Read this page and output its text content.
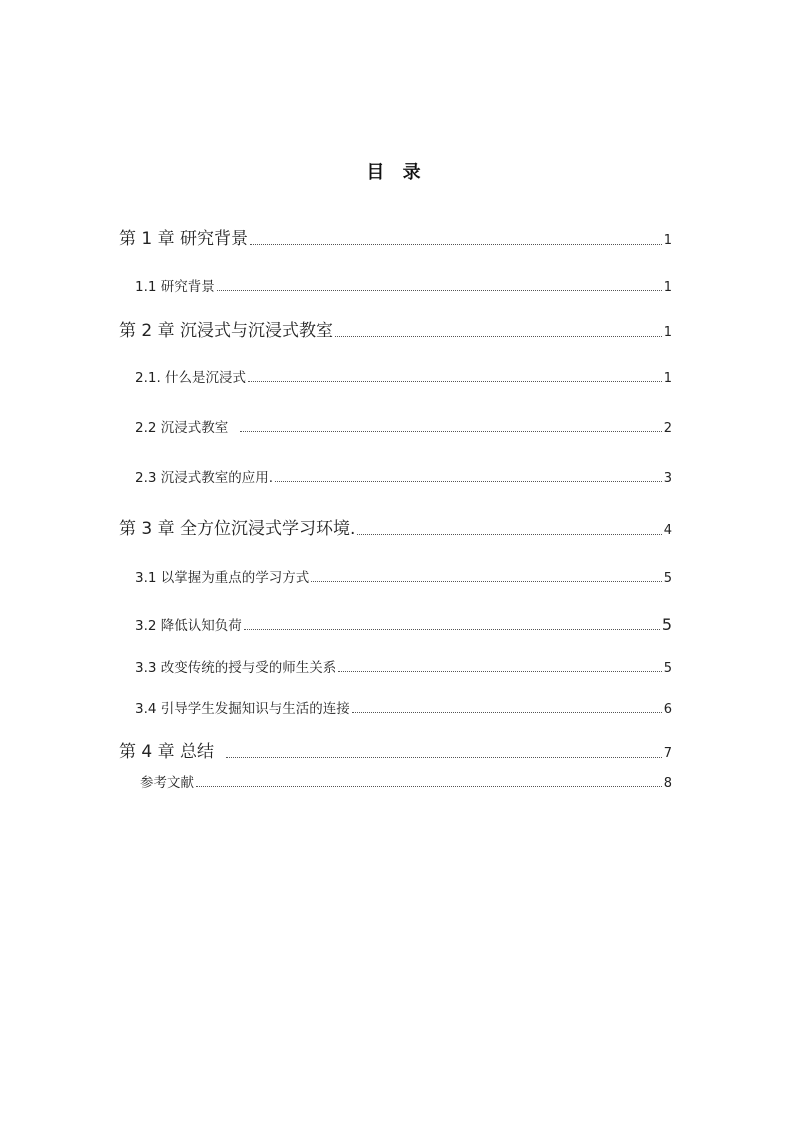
目 录
第 1 章 研究背景	1
1.1 研究背景	1
第 2 章 沉浸式与沉浸式教室	1
2.1. 什么是沉浸式	1
2.2 沉浸式教室	2
2.3 沉浸式教室的应用.	3
第 3 章 全方位沉浸式学习环境.	4
3.1 以掌握为重点的学习方式	5
3.2 降低认知负荷	5
3.3 改变传统的授与受的师生关系	5
3.4 引导学生发掘知识与生活的连接	6
第 4 章 总结	7
参考文献	8
